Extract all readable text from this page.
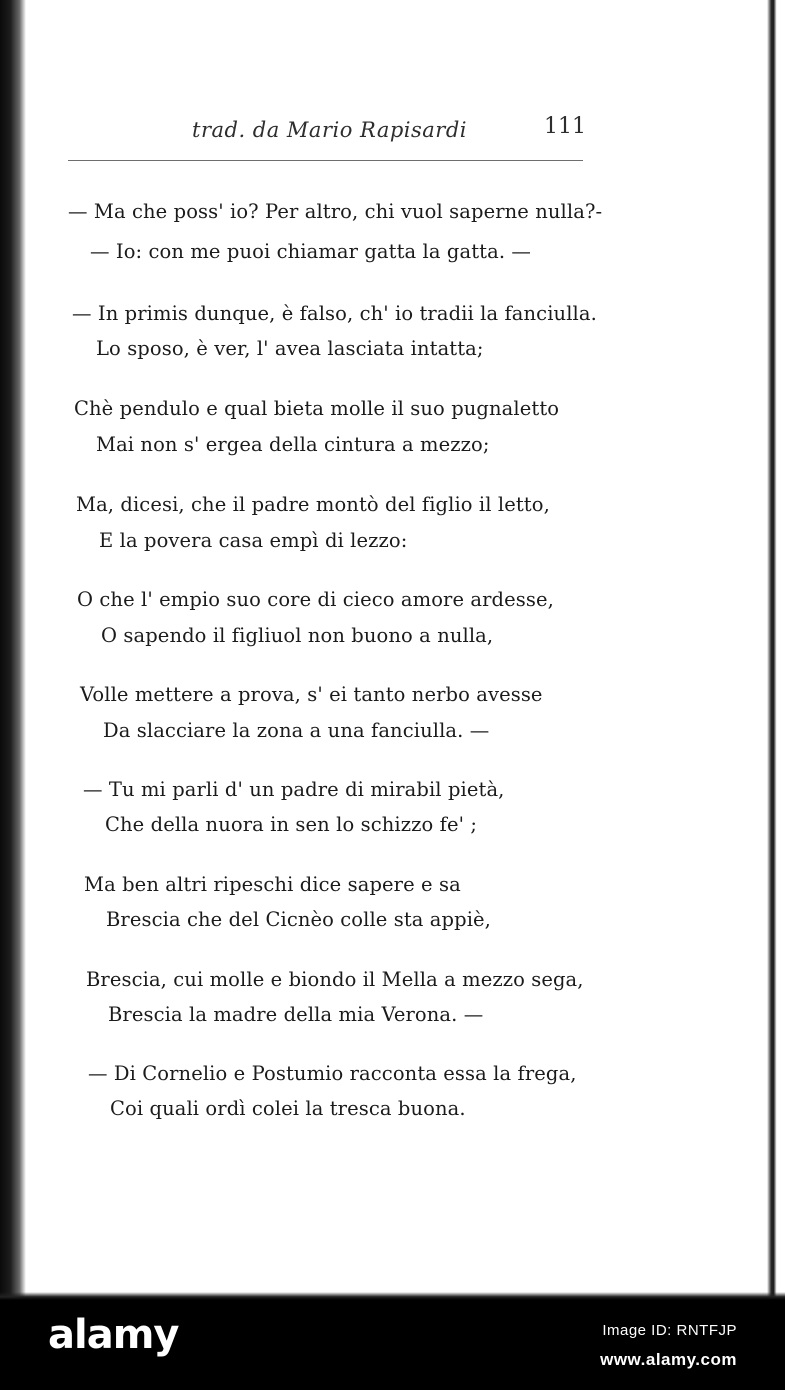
trad. da Mario Rapisardi	111
— Ma che poss' io? Per altro, chi vuol saperne nulla?-
— Io: con me puoi chiamar gatta la gatta. —
— In primis dunque, è falso, ch' io tradii la fanciulla.
Lo sposo, è ver, l' avea lasciata intatta;
Chè pendulo e qual bieta molle il suo pugnaletto
Mai non s' ergea della cintura a mezzo;
Ma, dicesi, che il padre montò del figlio il letto,
E la povera casa empì di lezzo:
O che l' empio suo core di cieco amore ardesse,
O sapendo il figliuol non buono a nulla,
Volle mettere a prova, s' ei tanto nerbo avesse
Da slacciare la zona a una fanciulla. —
— Tu mi parli d' un padre di mirabil pietà,
Che della nuora in sen lo schizzo fe' ;
Ma ben altri ripeschi dice sapere e sa
Brescia che del Cicnèo colle sta appiè,
Brescia, cui molle e biondo il Mella a mezzo sega,
Brescia la madre della mia Verona. —
— Di Cornelio e Postumio racconta essa la frega,
Coi quali ordì colei la tresca buona.
alamy	Image ID: RNTFJP
www.alamy.com
